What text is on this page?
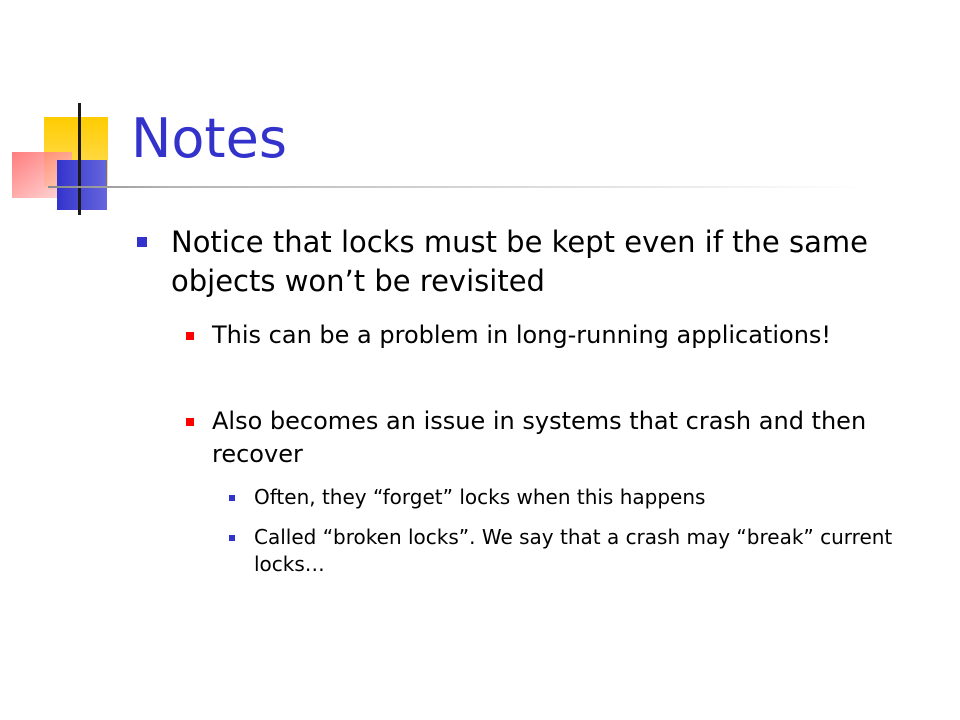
Notes
Notice that locks must be kept even if the same objects won’t be revisited
This can be a problem in long-running applications!
Also becomes an issue in systems that crash and then recover
Often, they “forget” locks when this happens
Called “broken locks”. We say that a crash may “break” current locks…
